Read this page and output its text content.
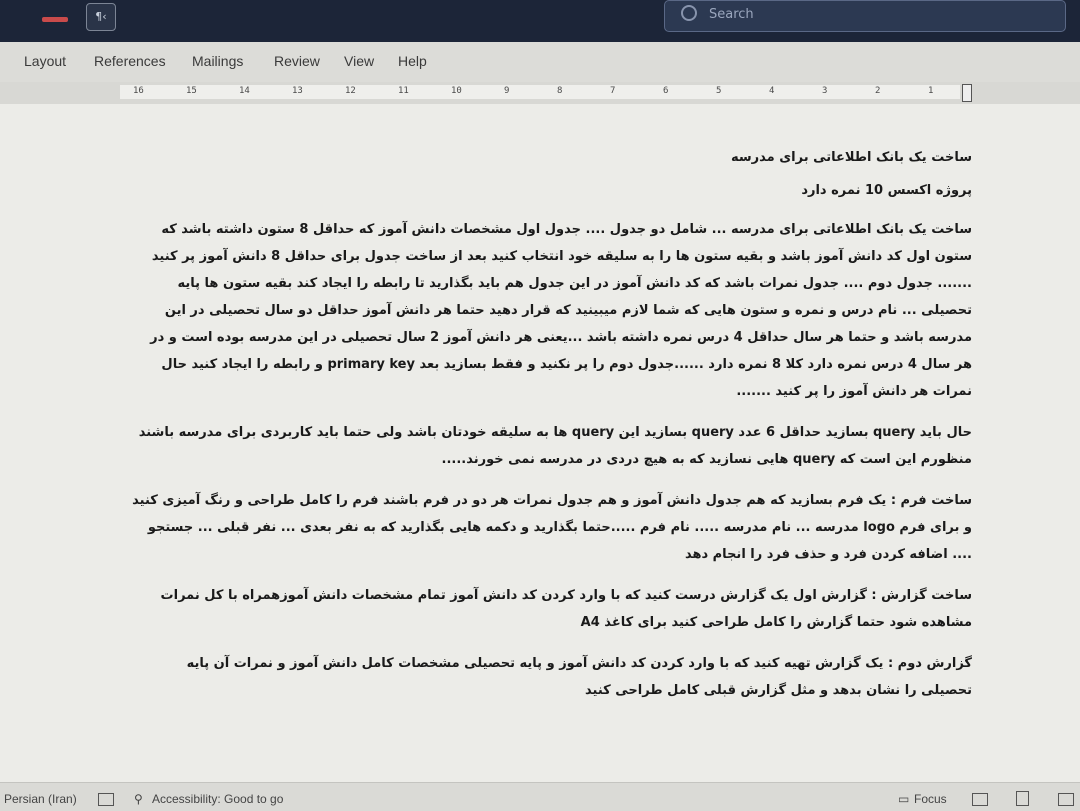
¶‹	Search
Layout References Mailings Review View Help
16	15	14	13	12	11	10	9	8	7	6	5	4	3	2	1

ساخت یک بانک اطلاعاتی برای مدرسه

پروژه اکسس 10 نمره دارد

ساخت یک بانک اطلاعاتی برای مدرسه ... شامل دو جدول .... جدول اول مشخصات دانش آموز که حداقل 8 ستون داشته باشد که ستون اول کد دانش آموز باشد و بقیه ستون ها را به سلیقه خود انتخاب کنید بعد از ساخت جدول برای حداقل 8 دانش آموز پر کنید ....... جدول دوم .... جدول نمرات باشد که کد دانش آموز در این جدول هم باید بگذارید تا رابطه را ایجاد کند بقیه ستون ها پایه تحصیلی ... نام درس و نمره و ستون هایی که شما لازم میبینید که قرار دهید حتما هر دانش آموز حداقل دو سال تحصیلی در این مدرسه باشد و حتما هر سال حداقل 4 درس نمره داشته باشد ...یعنی هر دانش آموز 2 سال تحصیلی در این مدرسه بوده است و در هر سال 4 درس نمره دارد کلا 8 نمره دارد ......جدول دوم را پر نکنید و فقط بسازید بعد primary key و رابطه را ایجاد کنید حال نمرات هر دانش آموز را پر کنید .......

حال باید query بسازید حداقل 6 عدد query بسازید این query ها به سلیقه خودتان باشد ولی حتما باید کاربردی برای مدرسه باشند منظورم این است که query هایی نسازید که به هیچ دردی در مدرسه نمی خورند.....

ساخت فرم : یک فرم بسازید که هم جدول دانش آموز و هم جدول نمرات هر دو در فرم باشند فرم را کامل طراحی و رنگ آمیزی کنید و برای فرم logo مدرسه ... نام مدرسه ..... نام فرم .....حتما بگذارید و دکمه هایی بگذارید که به نفر بعدی ... نفر قبلی ... جستجو .... اضافه کردن فرد و حذف فرد را انجام دهد

ساخت گزارش : گزارش اول یک گزارش درست کنید که با وارد کردن کد دانش آموز تمام مشخصات دانش آموزهمراه با کل نمرات مشاهده شود حتما گزارش را کامل طراحی کنید برای کاغذ A4

گزارش دوم : یک گزارش تهیه کنید که با وارد کردن کد دانش آموز و پایه تحصیلی مشخصات کامل دانش آموز و نمرات آن پایه تحصیلی را نشان بدهد و مثل گزارش قبلی کامل طراحی کنید

Persian (Iran)	⚲ Accessibility: Good to go	▭ Focus
